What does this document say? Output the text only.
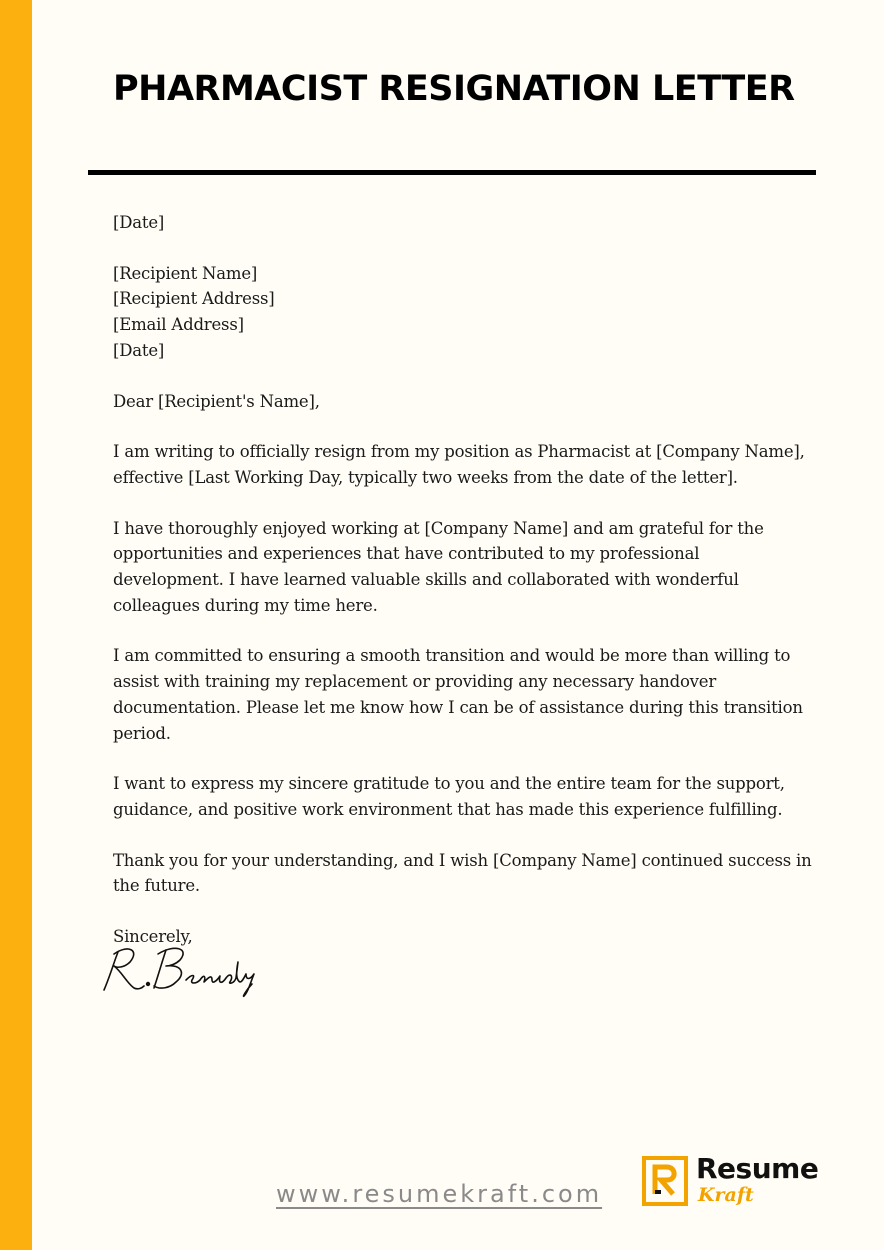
PHARMACIST RESIGNATION LETTER

[Date]

[Recipient Name]

[Recipient Address]

[Email Address]

[Date]

Dear [Recipient's Name],

I am writing to officially resign from my position as Pharmacist at [Company Name], effective [Last Working Day, typically two weeks from the date of the letter].

I have thoroughly enjoyed working at [Company Name] and am grateful for the opportunities and experiences that have contributed to my professional development. I have learned valuable skills and collaborated with wonderful colleagues during my time here.

I am committed to ensuring a smooth transition and would be more than willing to assist with training my replacement or providing any necessary handover documentation. Please let me know how I can be of assistance during this transition period.

I want to express my sincere gratitude to you and the entire team for the support, guidance, and positive work environment that has made this experience fulfilling.

Thank you for your understanding, and I wish [Company Name] continued success in the future.

Sincerely,

www.resumekraft.com
Resume
Kraft
